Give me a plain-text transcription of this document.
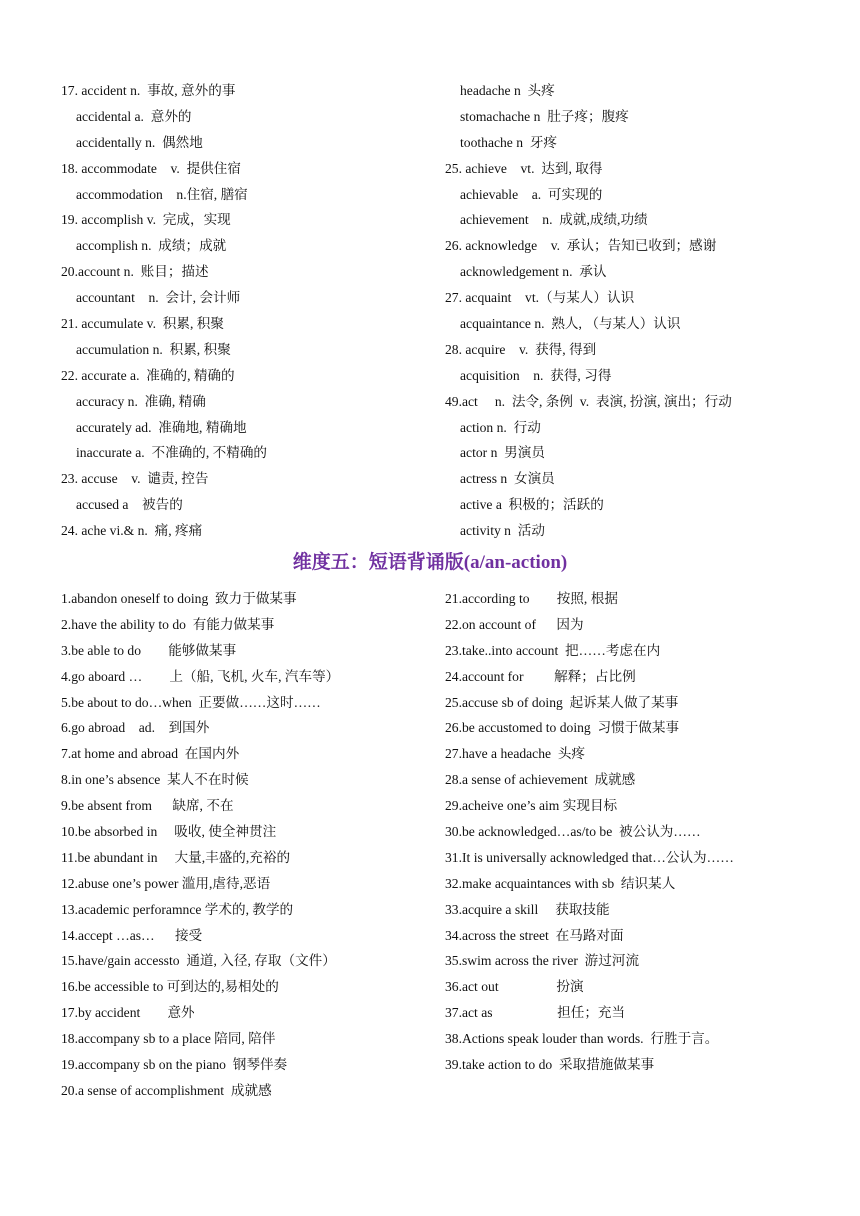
17. accident n.  事故, 意外的事
accidental a.  意外的
accidentally n.  偶然地
18. accommodate    v.  提供住宿
accommodation    n.住宿, 膳宿
19. accomplish v.  完成，实现
accomplish n.  成绩；成就
20.account n.  账目；描述
accountant    n.  会计, 会计师
21. accumulate v.  积累, 积聚
accumulation n.  积累, 积聚
22. accurate a.  准确的, 精确的
accuracy n.  准确, 精确
accurately ad.  准确地, 精确地
inaccurate a.  不准确的, 不精确的
23. accuse    v.  谴责, 控告
accused a    被告的
24. ache vi.& n.  痛, 疼痛
headache n  头疼
stomachache n  肚子疼；腹疼
toothache n  牙疼
25. achieve    vt.  达到, 取得
achievable    a.  可实现的
achievement    n.  成就,成绩,功绩
26. acknowledge    v.  承认；告知已收到；感谢
acknowledgement n.  承认
27. acquaint    vt.（与某人）认识
acquaintance n.  熟人, （与某人）认识
28. acquire    v.  获得, 得到
acquisition    n.  获得, 习得
49.act     n.  法令, 条例  v.  表演, 扮演, 演出；行动
action n.  行动
actor n  男演员
actress n  女演员
active a  积极的；活跃的
activity n  活动
维度五：短语背诵版(a/an-action)
1.abandon oneself to doing  致力于做某事
2.have the ability to do  有能力做某事
3.be able to do        能够做某事
4.go aboard …        上（船, 飞机, 火车, 汽车等）
5.be about to do…when  正要做……这时……
6.go abroad    ad.    到国外
7.at home and abroad  在国内外
8.in one’s absence  某人不在时候
9.be absent from      缺席, 不在
10.be absorbed in     吸收, 使全神贯注
11.be abundant in     大量,丰盛的,充裕的
12.abuse one’s power 滥用,虐待,恶语
13.academic perforamnce 学术的, 教学的
14.accept …as…      接受
15.have/gain accessto  通道, 入径, 存取（文件）
16.be accessible to 可到达的,易相处的
17.by accident        意外
18.accompany sb to a place 陪同, 陪伴
19.accompany sb on the piano  钢琴伴奏
20.a sense of accomplishment  成就感
21.according to        按照, 根据
22.on account of      因为
23.take..into account  把……考虑在内
24.account for         解释；占比例
25.accuse sb of doing  起诉某人做了某事
26.be accustomed to doing  习惯于做某事
27.have a headache  头疼
28.a sense of achievement  成就感
29.acheive one’s aim 实现目标
30.be acknowledged…as/to be  被公认为……
31.It is universally acknowledged that…公认为……
32.make acquaintances with sb  结识某人
33.acquire a skill     获取技能
34.across the street  在马路对面
35.swim across the river  游过河流
36.act out                 扮演
37.act as                   担任；充当
38.Actions speak louder than words.  行胜于言。
39.take action to do  采取措施做某事
